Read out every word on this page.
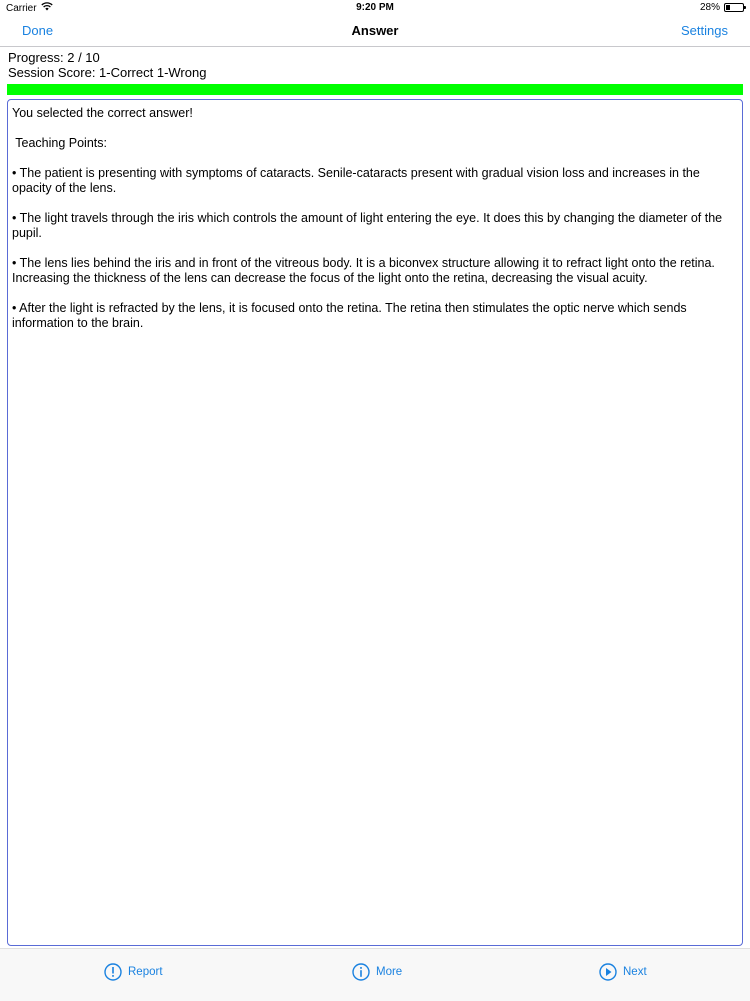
Carrier	9:20 PM	28%
Done	Answer	Settings
Progress: 2 / 10
Session Score: 1-Correct 1-Wrong

You selected the correct answer!

Teaching Points:

• The patient is presenting with symptoms of cataracts. Senile-cataracts present with gradual vision loss and increases in the opacity of the lens.

• The light travels through the iris which controls the amount of light entering the eye. It does this by changing the diameter of the pupil.

• The lens lies behind the iris and in front of the vitreous body. It is a biconvex structure allowing it to refract light onto the retina. Increasing the thickness of the lens can decrease the focus of the light onto the retina, decreasing the visual acuity.

• After the light is refracted by the lens, it is focused onto the retina. The retina then stimulates the optic nerve which sends information to the brain.

Report	More	Next
